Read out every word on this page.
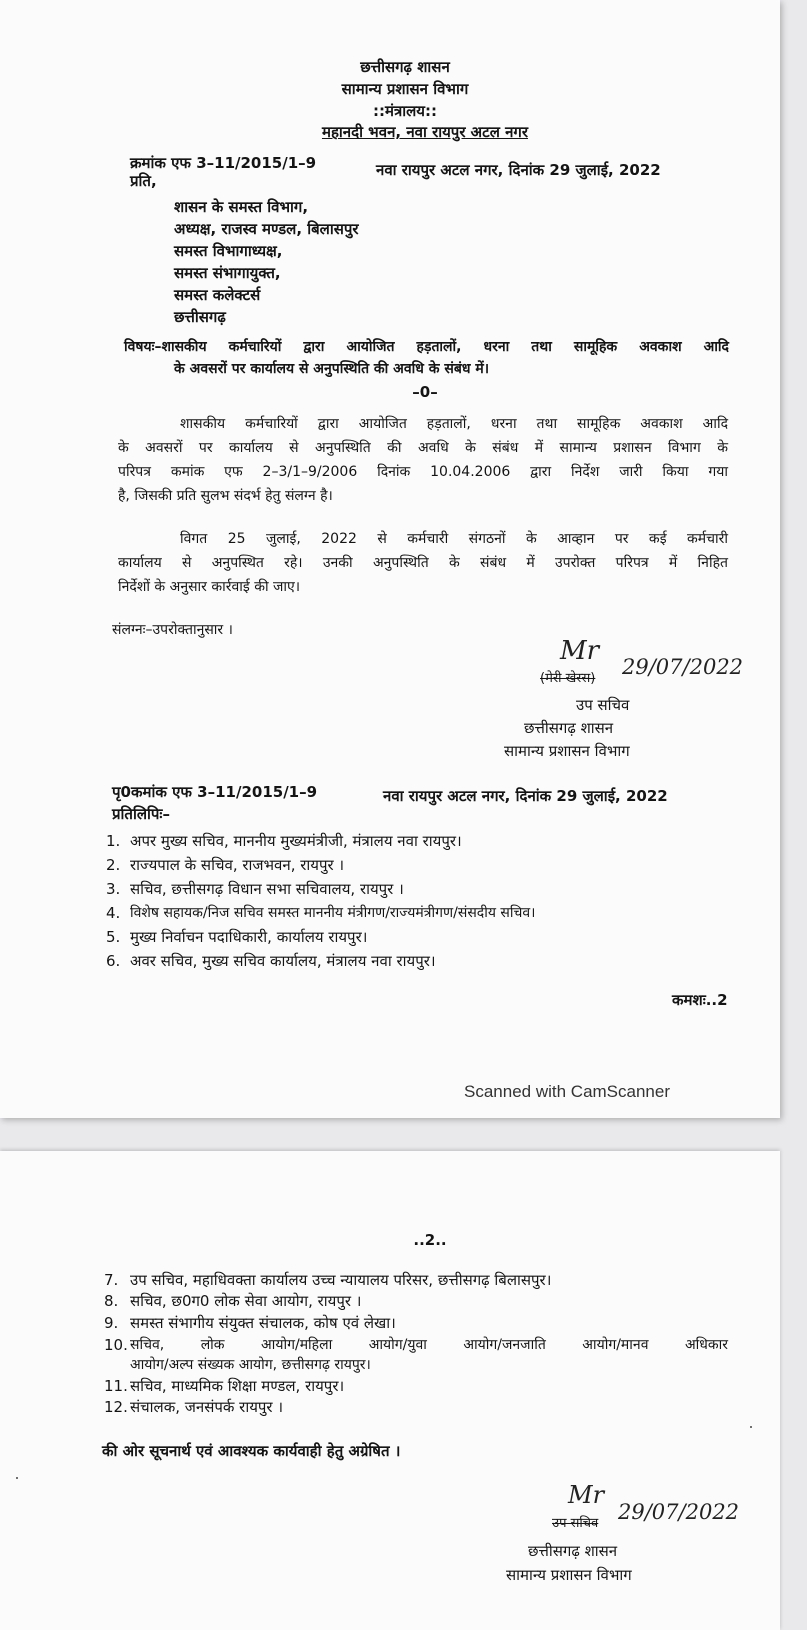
छत्तीसगढ़ शासन
सामान्य प्रशासन विभाग
::मंत्रालय::
महानदी भवन, नवा रायपुर अटल नगर
क्रमांक एफ 3–11/2015/1–9	नवा रायपुर अटल नगर, दिनांक 29 जुलाई, 2022
प्रति,
शासन के समस्त विभाग,
अध्यक्ष, राजस्व मण्डल, बिलासपुर
समस्त विभागाध्यक्ष,
समस्त संभागायुक्त,
समस्त कलेक्टर्स
छत्तीसगढ़
विषयः–शासकीय कर्मचारियों द्वारा आयोजित हड़तालों, धरना तथा सामूहिक अवकाश आदि
के अवसरों पर कार्यालय से अनुपस्थिति की अवधि के संबंध में।
–0–
शासकीय कर्मचारियों द्वारा आयोजित हड़तालों, धरना तथा सामूहिक अवकाश आदि
के अवसरों पर कार्यालय से अनुपस्थिति की अवधि के संबंध में सामान्य प्रशासन विभाग के
परिपत्र कमांक एफ 2–3/1–9/2006 दिनांक 10.04.2006 द्वारा निर्देश जारी किया गया
है, जिसकी प्रति सुलभ संदर्भ हेतु संलग्न है।
विगत 25 जुलाई, 2022 से कर्मचारी संगठनों के आव्हान पर कई कर्मचारी
कार्यालय से अनुपस्थित रहे। उनकी अनुपस्थिति के संबंध में उपरोक्त परिपत्र में निहित
निर्देशों के अनुसार कार्रवाई की जाए।
संलग्नः–उपरोक्तानुसार ।
Mr
(मेरी खेस्स) 29/07/2022
उप सचिव
छत्तीसगढ़ शासन
सामान्य प्रशासन विभाग
पृ0कमांक एफ 3–11/2015/1–9	नवा रायपुर अटल नगर, दिनांक 29 जुलाई, 2022
प्रतिलिपिः–
1. अपर मुख्य सचिव, माननीय मुख्यमंत्रीजी, मंत्रालय नवा रायपुर।
2. राज्यपाल के सचिव, राजभवन, रायपुर ।
3. सचिव, छत्तीसगढ़ विधान सभा सचिवालय, रायपुर ।
4. विशेष सहायक/निज सचिव समस्त माननीय मंत्रीगण/राज्यमंत्रीगण/संसदीय सचिव।
5. मुख्य निर्वाचन पदाधिकारी, कार्यालय रायपुर।
6. अवर सचिव, मुख्य सचिव कार्यालय, मंत्रालय नवा रायपुर।
कमशः..2
Scanned with CamScanner
..2..
7. उप सचिव, महाधिवक्ता कार्यालय उच्च न्यायालय परिसर, छत्तीसगढ़ बिलासपुर।
8. सचिव, छ0ग0 लोक सेवा आयोग, रायपुर ।
9. समस्त संभागीय संयुक्त संचालक, कोष एवं लेखा।
10. सचिव, लोक आयोग/महिला आयोग/युवा आयोग/जनजाति आयोग/मानव अधिकार
आयोग/अल्प संख्यक आयोग, छत्तीसगढ़ रायपुर।
11. सचिव, माध्यमिक शिक्षा मण्डल, रायपुर।
12. संचालक, जनसंपर्क रायपुर ।
की ओर सूचनार्थ एवं आवश्यक कार्यवाही हेतु अग्रेषित ।
Mr
उप सचिव 29/07/2022
छत्तीसगढ़ शासन
सामान्य प्रशासन विभाग
